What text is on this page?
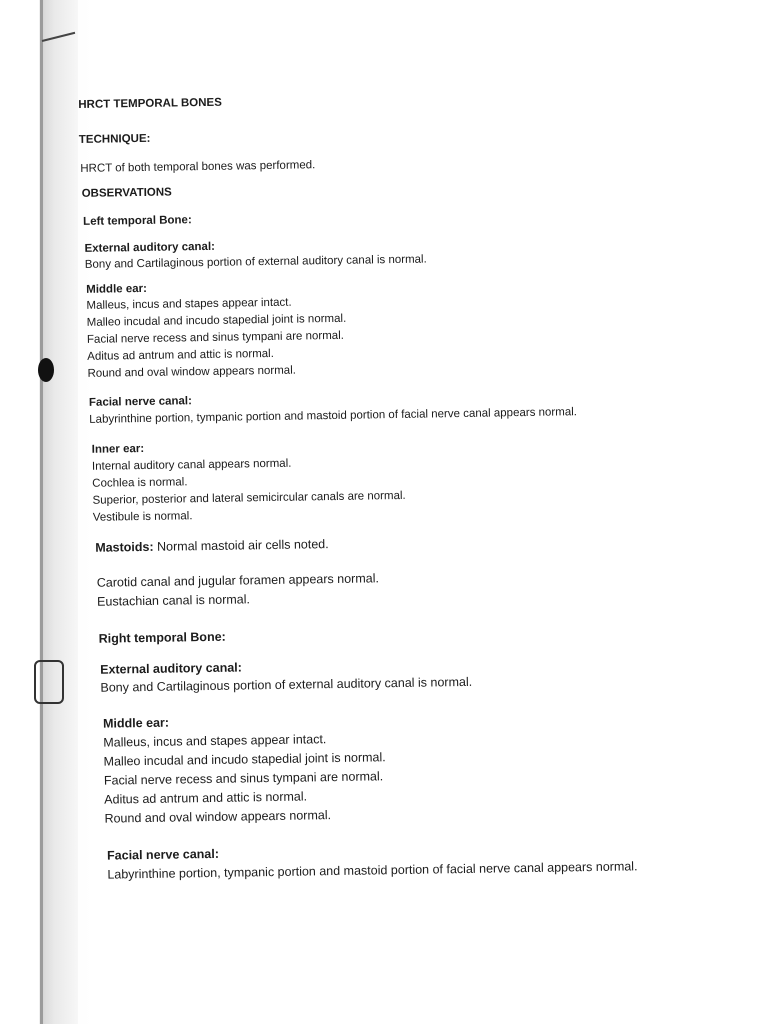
HRCT TEMPORAL BONES
TECHNIQUE:
HRCT of both temporal bones was performed.
OBSERVATIONS
Left temporal Bone:
External auditory canal:
Bony and Cartilaginous portion of external auditory canal is normal.
Middle ear:
Malleus, incus and stapes appear intact.
Malleo incudal and incudo stapedial joint is normal.
Facial nerve recess and sinus tympani are normal.
Aditus ad antrum and attic is normal.
Round and oval window appears normal.
Facial nerve canal:
Labyrinthine portion, tympanic portion and mastoid portion of facial nerve canal appears normal.
Inner ear:
Internal auditory canal appears normal.
Cochlea is normal.
Superior, posterior and lateral semicircular canals are normal.
Vestibule is normal.
Mastoids: Normal mastoid air cells noted.
Carotid canal and jugular foramen appears normal.
Eustachian canal is normal.
Right temporal Bone:
External auditory canal:
Bony and Cartilaginous portion of external auditory canal is normal.
Middle ear:
Malleus, incus and stapes appear intact.
Malleo incudal and incudo stapedial joint is normal.
Facial nerve recess and sinus tympani are normal.
Aditus ad antrum and attic is normal.
Round and oval window appears normal.
Facial nerve canal:
Labyrinthine portion, tympanic portion and mastoid portion of facial nerve canal appears normal.
